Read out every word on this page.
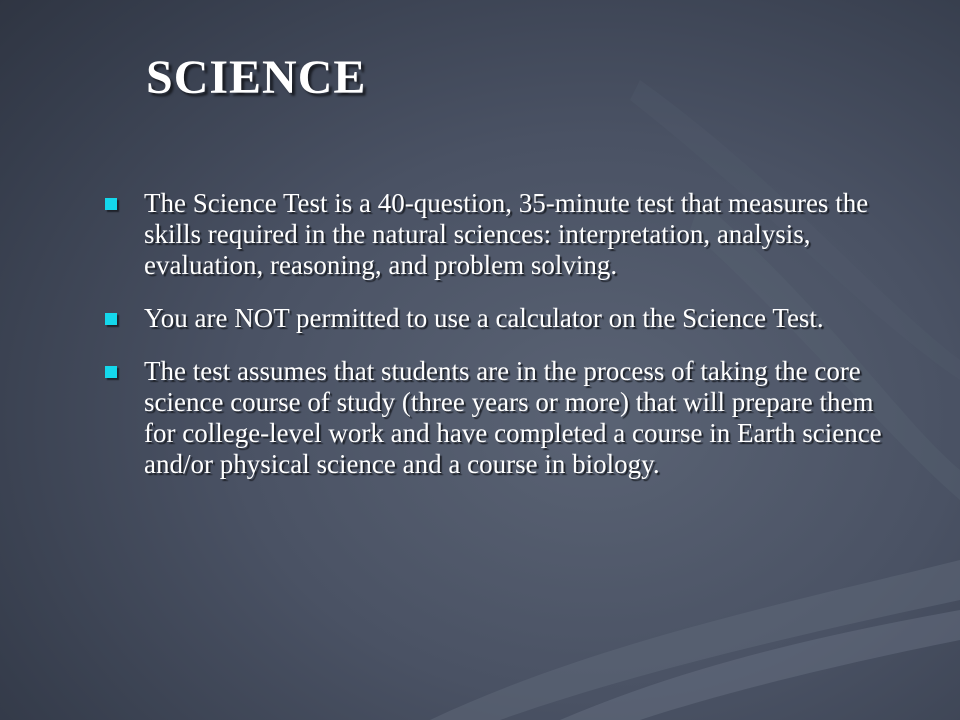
SCIENCE
The Science Test is a 40-question, 35-minute test that measures the skills required in the natural sciences: interpretation, analysis, evaluation, reasoning, and problem solving.
You are NOT permitted to use a calculator on the Science Test.
The test assumes that students are in the process of taking the core science course of study (three years or more) that will prepare them for college-level work and have completed a course in Earth science and/or physical science and a course in biology.
